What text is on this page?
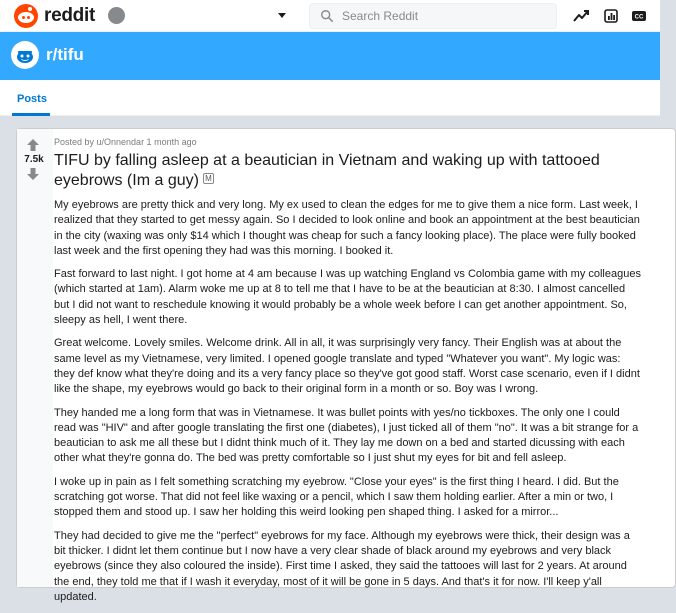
reddit
Search Reddit	CC
r/tifu
Posts
7.5k
Posted by u/Onnendar 1 month ago
TIFU by falling asleep at a beautician in Vietnam and waking up with tattooed eyebrows (Im a guy) M

My eyebrows are pretty thick and very long. My ex used to clean the edges for me to give them a nice form. Last week, I realized that they started to get messy again. So I decided to look online and book an appointment at the best beautician in the city (waxing was only $14 which I thought was cheap for such a fancy looking place). The place were fully booked last week and the first opening they had was this morning. I booked it.

Fast forward to last night. I got home at 4 am because I was up watching England vs Colombia game with my colleagues (which started at 1am). Alarm woke me up at 8 to tell me that I have to be at the beautician at 8:30. I almost cancelled but I did not want to reschedule knowing it would probably be a whole week before I can get another appointment. So, sleepy as hell, I went there.

Great welcome. Lovely smiles. Welcome drink. All in all, it was surprisingly very fancy. Their English was at about the same level as my Vietnamese, very limited. I opened google translate and typed "Whatever you want". My logic was: they def know what they're doing and its a very fancy place so they've got good staff. Worst case scenario, even if I didnt like the shape, my eyebrows would go back to their original form in a month or so. Boy was I wrong.

They handed me a long form that was in Vietnamese. It was bullet points with yes/no tickboxes. The only one I could read was "HIV" and after google translating the first one (diabetes), I just ticked all of them "no". It was a bit strange for a beautician to ask me all these but I didnt think much of it. They lay me down on a bed and started dicussing with each other what they're gonna do. The bed was pretty comfortable so I just shut my eyes for bit and fell asleep.

I woke up in pain as I felt something scratching my eyebrow. "Close your eyes" is the first thing I heard. I did. But the scratching got worse. That did not feel like waxing or a pencil, which I saw them holding earlier. After a min or two, I stopped them and stood up. I saw her holding this weird looking pen shaped thing. I asked for a mirror...

They had decided to give me the "perfect" eyebrows for my face. Although my eyebrows were thick, their design was a bit thicker. I didnt let them continue but I now have a very clear shade of black around my eyebrows and very black eyebrows (since they also coloured the inside). First time I asked, they said the tattooes will last for 2 years. At around the end, they told me that if I wash it everyday, most of it will be gone in 5 days. And that's it for now. I'll keep y'all updated.
